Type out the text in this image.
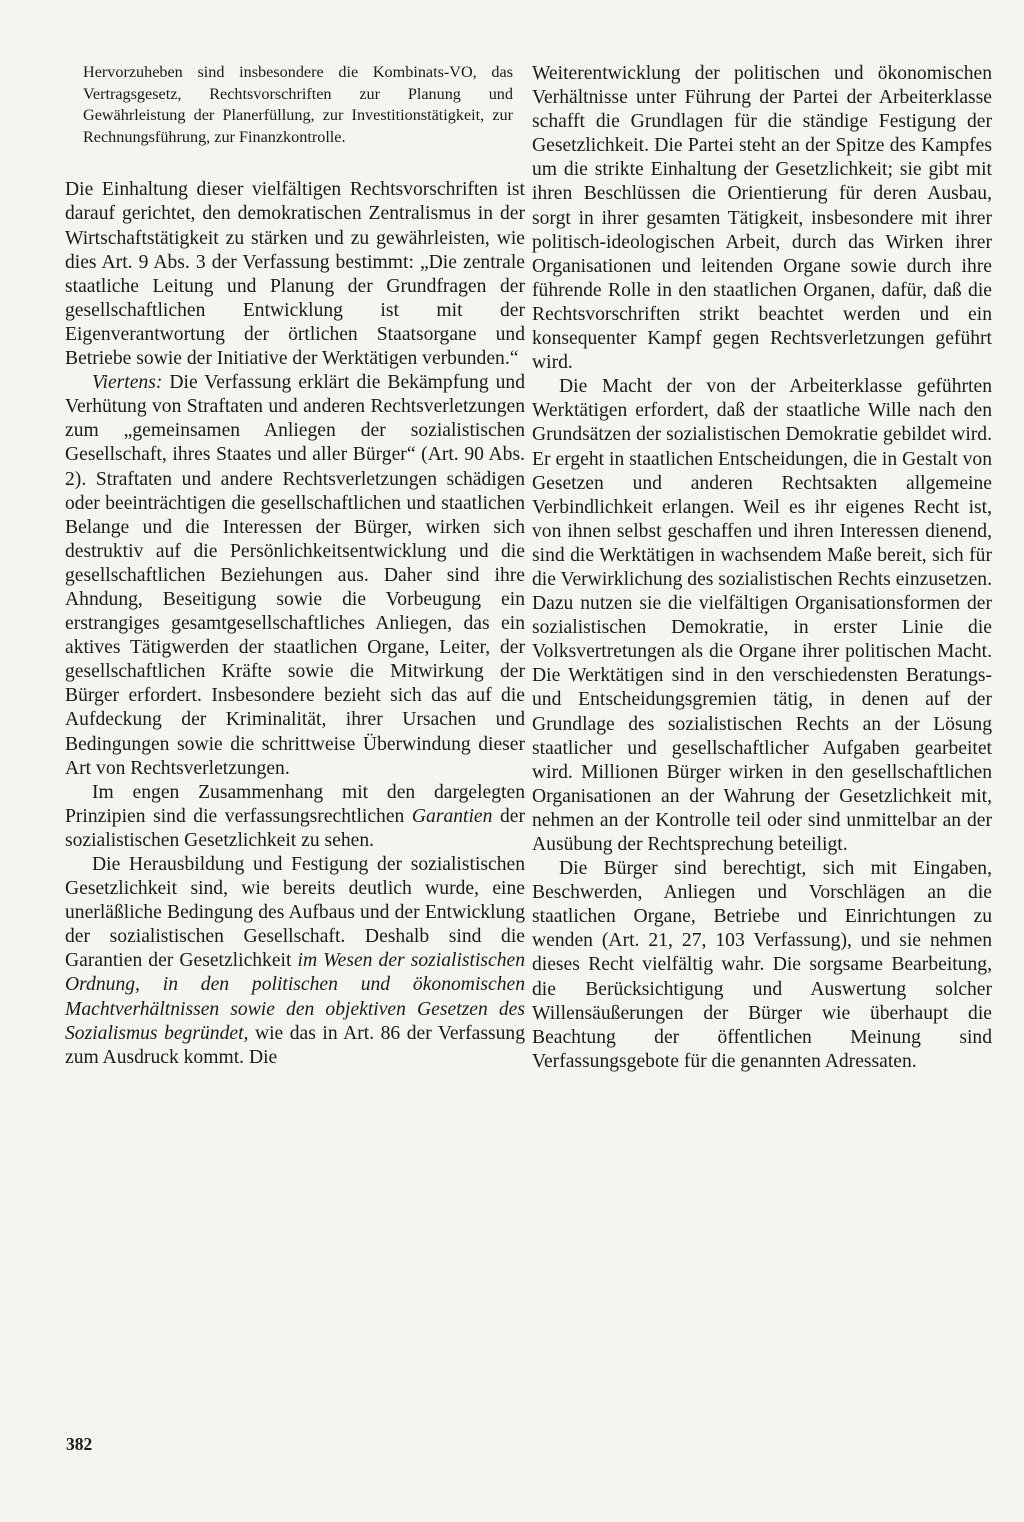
Hervorzuheben sind insbesondere die Kombinats-VO, das Vertragsgesetz, Rechtsvorschriften zur Planung und Gewährleistung der Planerfüllung, zur Investitionstätigkeit, zur Rechnungsführung, zur Finanzkontrolle.

Die Einhaltung dieser vielfältigen Rechtsvorschriften ist darauf gerichtet, den demokratischen Zentralismus in der Wirtschaftstätigkeit zu stärken und zu gewährleisten, wie dies Art. 9 Abs. 3 der Verfassung bestimmt: „Die zentrale staatliche Leitung und Planung der Grundfragen der gesellschaftlichen Entwicklung ist mit der Eigenverantwortung der örtlichen Staatsorgane und Betriebe sowie der Initiative der Werktätigen verbunden.“

Viertens: Die Verfassung erklärt die Bekämpfung und Verhütung von Straftaten und anderen Rechtsverletzungen zum „gemeinsamen Anliegen der sozialistischen Gesellschaft, ihres Staates und aller Bürger“ (Art. 90 Abs. 2). Straftaten und andere Rechtsverletzungen schädigen oder beeinträchtigen die gesellschaftlichen und staatlichen Belange und die Interessen der Bürger, wirken sich destruktiv auf die Persönlichkeitsentwicklung und die gesellschaftlichen Beziehungen aus. Daher sind ihre Ahndung, Beseitigung sowie die Vorbeugung ein erstrangiges gesamtgesellschaftliches Anliegen, das ein aktives Tätigwerden der staatlichen Organe, Leiter, der gesellschaftlichen Kräfte sowie die Mitwirkung der Bürger erfordert. Insbesondere bezieht sich das auf die Aufdeckung der Kriminalität, ihrer Ursachen und Bedingungen sowie die schrittweise Überwindung dieser Art von Rechtsverletzungen.

Im engen Zusammenhang mit den dargelegten Prinzipien sind die verfassungsrechtlichen Garantien der sozialistischen Gesetzlichkeit zu sehen.

Die Herausbildung und Festigung der sozialistischen Gesetzlichkeit sind, wie bereits deutlich wurde, eine unerläßliche Bedingung des Aufbaus und der Entwicklung der sozialistischen Gesellschaft. Deshalb sind die Garantien der Gesetzlichkeit im Wesen der sozialistischen Ordnung, in den politischen und ökonomischen Machtverhältnissen sowie den objektiven Gesetzen des Sozialismus begründet, wie das in Art. 86 der Verfassung zum Ausdruck kommt. Die

Weiterentwicklung der politischen und ökonomischen Verhältnisse unter Führung der Partei der Arbeiterklasse schafft die Grundlagen für die ständige Festigung der Gesetzlichkeit. Die Partei steht an der Spitze des Kampfes um die strikte Einhaltung der Gesetzlichkeit; sie gibt mit ihren Beschlüssen die Orientierung für deren Ausbau, sorgt in ihrer gesamten Tätigkeit, insbesondere mit ihrer politisch-ideologischen Arbeit, durch das Wirken ihrer Organisationen und leitenden Organe sowie durch ihre führende Rolle in den staatlichen Organen, dafür, daß die Rechtsvorschriften strikt beachtet werden und ein konsequenter Kampf gegen Rechtsverletzungen geführt wird.

Die Macht der von der Arbeiterklasse geführten Werktätigen erfordert, daß der staatliche Wille nach den Grundsätzen der sozialistischen Demokratie gebildet wird. Er ergeht in staatlichen Entscheidungen, die in Gestalt von Gesetzen und anderen Rechtsakten allgemeine Verbindlichkeit erlangen. Weil es ihr eigenes Recht ist, von ihnen selbst geschaffen und ihren Interessen dienend, sind die Werktätigen in wachsendem Maße bereit, sich für die Verwirklichung des sozialistischen Rechts einzusetzen. Dazu nutzen sie die vielfältigen Organisationsformen der sozialistischen Demokratie, in erster Linie die Volksvertretungen als die Organe ihrer politischen Macht. Die Werktätigen sind in den verschiedensten Beratungs- und Entscheidungsgremien tätig, in denen auf der Grundlage des sozialistischen Rechts an der Lösung staatlicher und gesellschaftlicher Aufgaben gearbeitet wird. Millionen Bürger wirken in den gesellschaftlichen Organisationen an der Wahrung der Gesetzlichkeit mit, nehmen an der Kontrolle teil oder sind unmittelbar an der Ausübung der Rechtsprechung beteiligt.

Die Bürger sind berechtigt, sich mit Eingaben, Beschwerden, Anliegen und Vorschlägen an die staatlichen Organe, Betriebe und Einrichtungen zu wenden (Art. 21, 27, 103 Verfassung), und sie nehmen dieses Recht vielfältig wahr. Die sorgsame Bearbeitung, die Berücksichtigung und Auswertung solcher Willensäußerungen der Bürger wie überhaupt die Beachtung der öffentlichen Meinung sind Verfassungsgebote für die genannten Adressaten.

382
